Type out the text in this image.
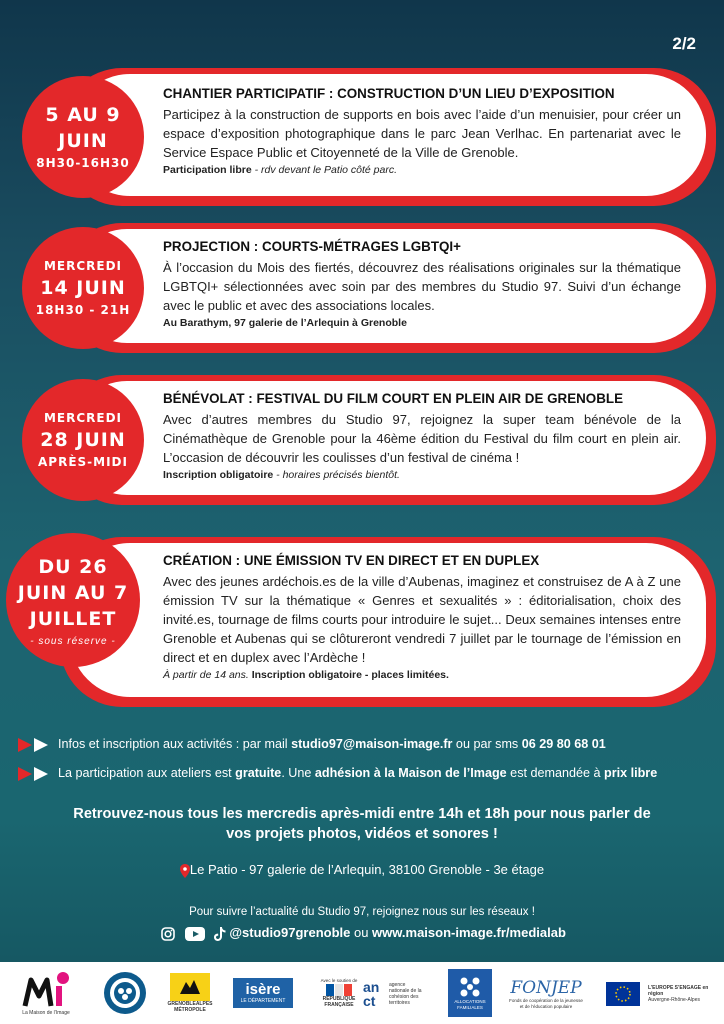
2/2
5 AU 9
JUIN
8H30-16H30
CHANTIER PARTICIPATIF : CONSTRUCTION D’UN LIEU D’EXPOSITION
Participez à la construction de supports en bois avec l’aide d’un menuisier, pour créer un espace d’exposition photographique dans le parc Jean Verlhac. En partenariat avec le Service Espace Public et Citoyenneté de la Ville de Grenoble.
Participation libre - rdv devant le Patio côté parc.
MERCREDI
14 JUIN
18H30 - 21H
PROJECTION : COURTS-MÉTRAGES LGBTQI+
À l’occasion du Mois des fiertés, découvrez des réalisations originales sur la thématique LGBTQI+ sélectionnées avec soin par des membres du Studio 97. Suivi d’un échange avec le public et avec des associations locales.
Au Barathym, 97 galerie de l’Arlequin à Grenoble
MERCREDI
28 JUIN
APRÈS-MIDI
BÉNÉVOLAT : FESTIVAL DU FILM COURT EN PLEIN AIR DE GRENOBLE
Avec d’autres membres du Studio 97, rejoignez la super team bénévole de la Cinémathèque de Grenoble pour la 46ème édition du Festival du film court en plein air. L’occasion de découvrir les coulisses d’un festival de cinéma !
Inscription obligatoire - horaires précisés bientôt.
DU 26
JUIN AU 7
JUILLET
- sous réserve -
CRÉATION : UNE ÉMISSION TV EN DIRECT ET EN DUPLEX
Avec des jeunes ardéchois.es de la ville d’Aubenas, imaginez et construisez de A à Z une émission TV sur la thématique « Genres et sexualités » : éditorialisation, choix des invité.es, tournage de films courts pour introduire le sujet... Deux semaines intenses entre Grenoble et Aubenas qui se clôtureront vendredi 7 juillet par le tournage de l’émission en direct et en duplex avec l’Ardèche !
À partir de 14 ans. Inscription obligatoire - places limitées.
Infos et inscription aux activités : par mail studio97@maison-image.fr ou par sms 06 29 80 68 01
La participation aux ateliers est gratuite. Une adhésion à la Maison de l’Image est demandée à prix libre
Retrouvez-nous tous les mercredis après-midi entre 14h et 18h pour nous parler de vos projets photos, vidéos et sonores !
Le Patio - 97 galerie de l’Arlequin, 38100 Grenoble - 3e étage
Pour suivre l’actualité du Studio 97, rejoignez nous sur les réseaux !
@studio97grenoble ou www.maison-image.fr/medialab
La Maison de l’Image
GRENOBLEALPES MÉTROPOLE
isère
LE DÉPARTEMENT
Avec le soutien de
RÉPUBLIQUE FRANÇAISE
an ct
agence nationale de la cohésion des territoires	ALLOCATIONS FAMILIALES
FONJEP
Fonds de coopération de la jeunesse et de l’éducation populaire
L’EUROPE S’ENGAGE en région
Auvergne-Rhône-Alpes
